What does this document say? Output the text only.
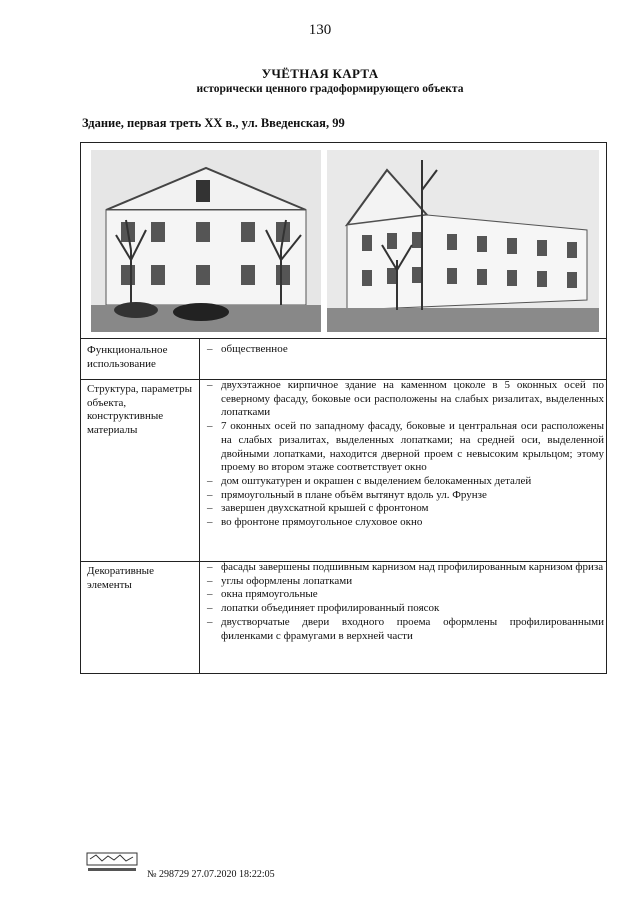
130
УЧЁТНАЯ КАРТА
исторически ценного градоформирующего объекта
Здание, первая треть XX в., ул. Введенская, 99
Функциональное использование
– общественное
Структура, параметры объекта, конструктивные материалы
– двухэтажное кирпичное здание на каменном цоколе в 5 оконных осей по северному фасаду, боковые оси расположены на слабых ризалитах, выделенных лопатками
– 7 оконных осей по западному фасаду, боковые и центральная оси расположены на слабых ризалитах, выделенных лопатками; на средней оси, выделенной двойными лопатками, находится дверной проем с невысоким крыльцом; этому проему во втором этаже соответствует окно
– дом оштукатурен и окрашен с выделением белокаменных деталей
– прямоугольный в плане объём вытянут вдоль ул. Фрунзе
– завершен двухскатной крышей с фронтоном
– во фронтоне прямоугольное слуховое окно
Декоративные элементы
– фасады завершены подшивным карнизом над профилированным карнизом фриза
– углы оформлены лопатками
– окна прямоугольные
– лопатки объединяет профилированный поясок
– двустворчатые двери входного проема оформлены профилированными филенками с фрамугами в верхней части
№ 298729 27.07.2020 18:22:05
